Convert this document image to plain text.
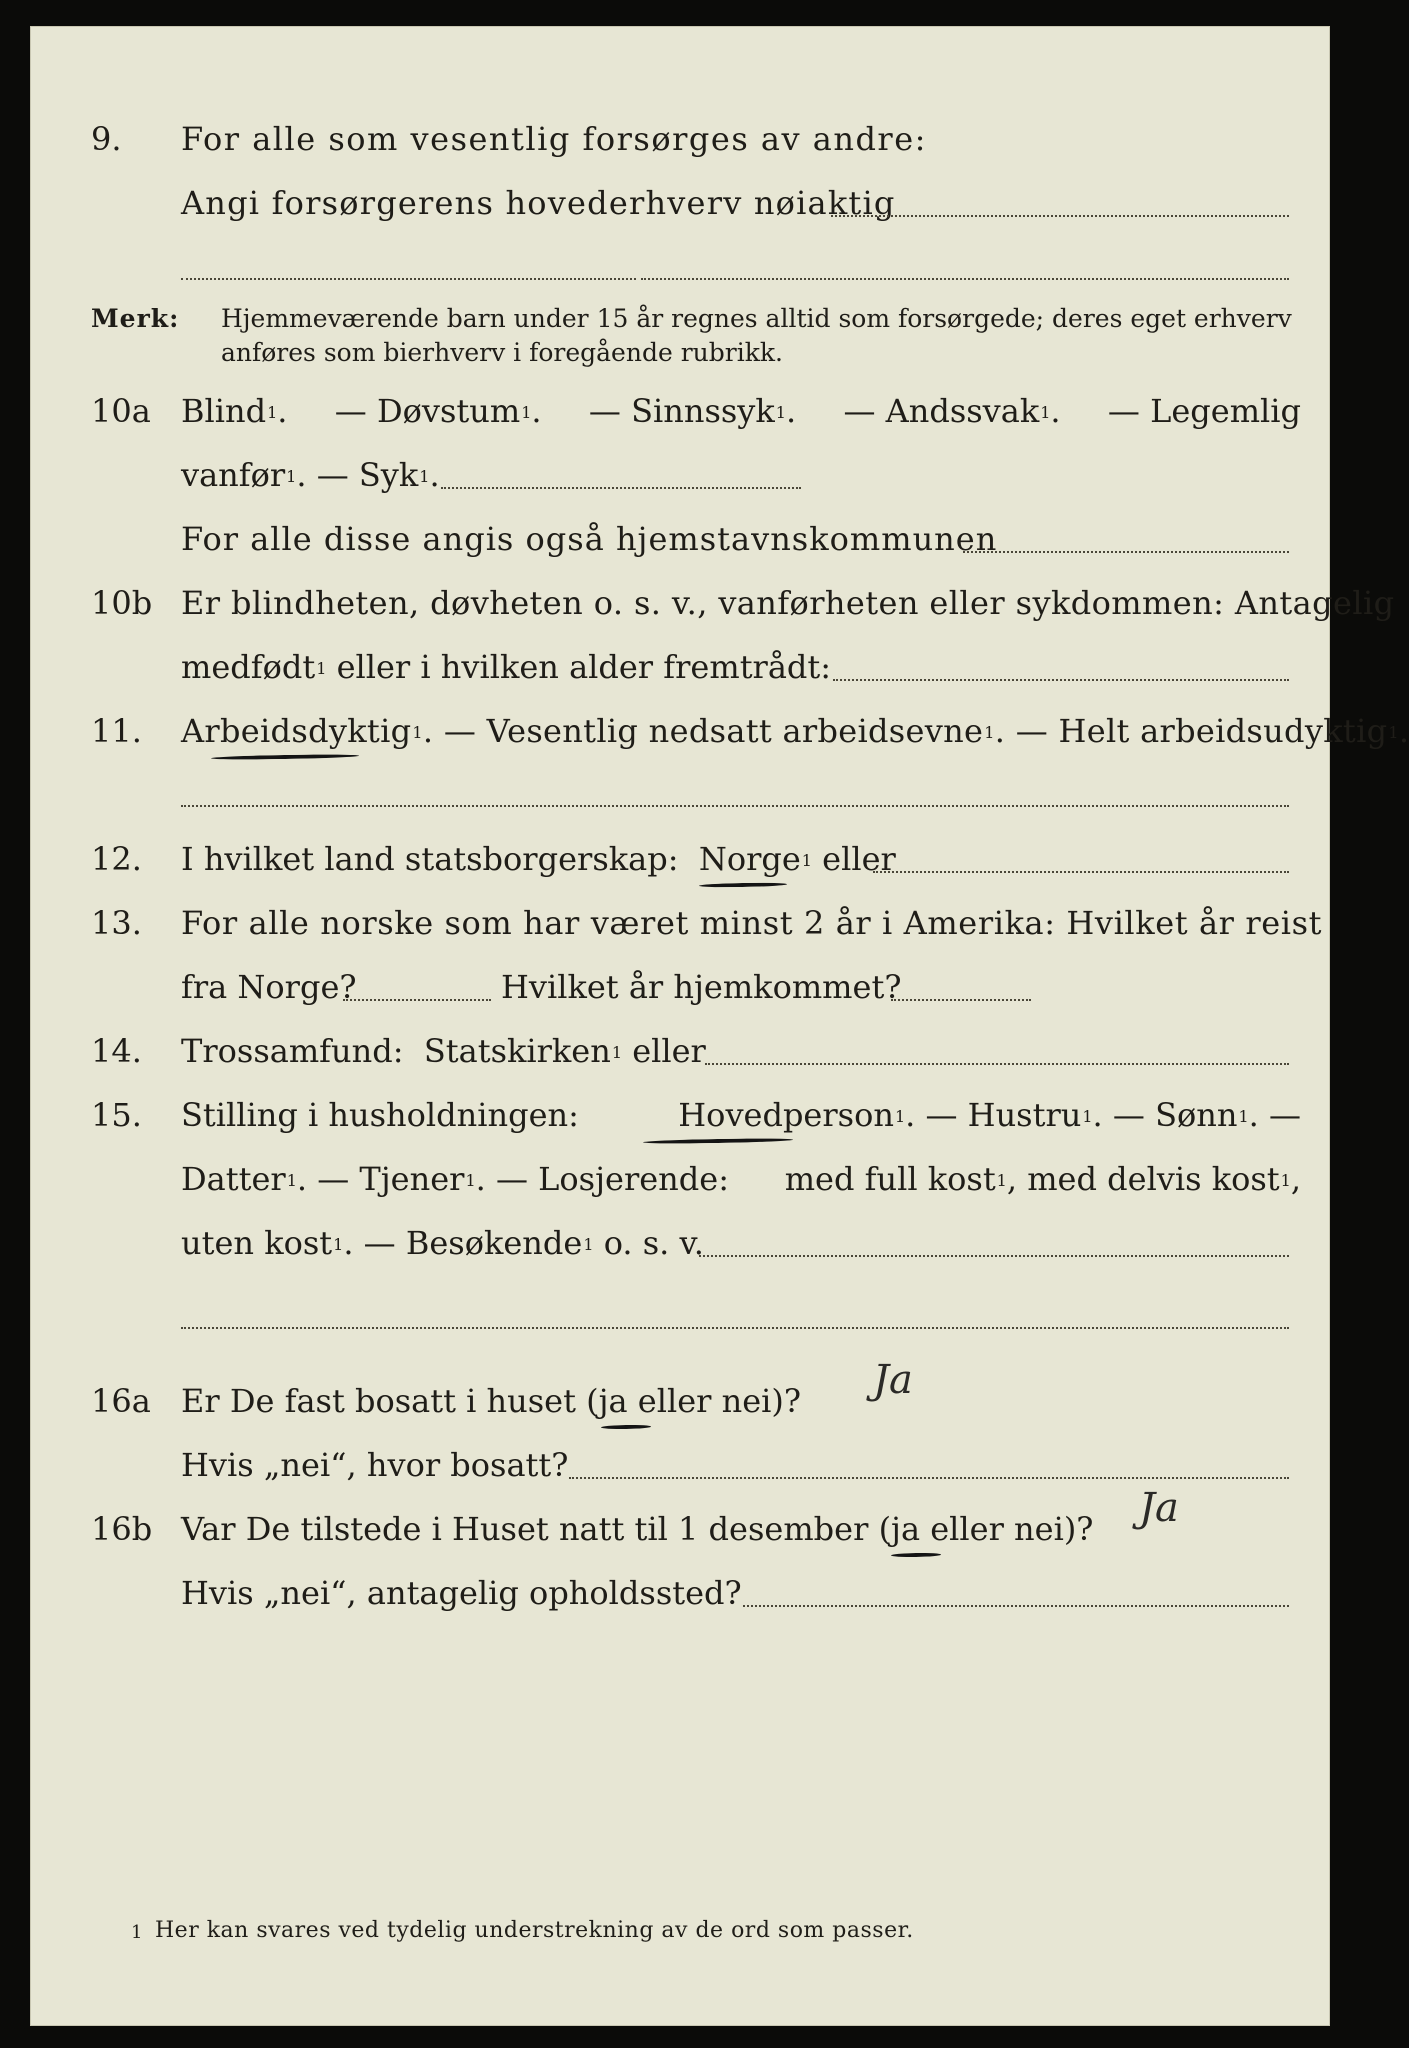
9. For alle som vesentlig forsørges av andre:
Angi forsørgerens hovederhverv nøiaktig
Merk: Hjemmeværende barn under 15 år regnes alltid som forsørgede; deres eget erhverv
anføres som bierhverv i foregående rubrikk.
10a Blind$^1$. — Døvstum$^1$. — Sinnssyk$^1$. — Andssvak$^1$. — Legemlig
vanfør$^1$. — Syk$^1$.
For alle disse angis også hjemstavnskommunen
10b Er blindheten, døvheten o. s. v., vanførheten eller sykdommen: Antagelig
medfødt$^1$ eller i hvilken alder fremtrådt:
11. Arbeidsdyktig$^1$. — Vesentlig nedsatt arbeidsevne$^1$. — Helt arbeidsudyktig$^1$.
12. I hvilket land statsborgerskap: Norge$^1$ eller
13. For alle norske som har været minst 2 år i Amerika: Hvilket år reist
fra Norge?	Hvilket år hjemkommet?
14. Trossamfund: Statskirken$^1$ eller
15. Stilling i husholdningen:	Hovedperson$^1$. — Hustru$^1$. — Sønn$^1$. —
Datter$^1$. — Tjener$^1$. — Losjerende: med full kost$^1$, med delvis kost$^1$,
uten kost$^1$. — Besøkende$^1$ o. s. v.
16a Er De fast bosatt i huset (ja eller nei)? Ja
Hvis „nei“, hvor bosatt?
16b Var De tilstede i Huset natt til 1 desember (ja eller nei)? Ja
Hvis „nei“, antagelig opholdssted?
1 Her kan svares ved tydelig understrekning av de ord som passer.
